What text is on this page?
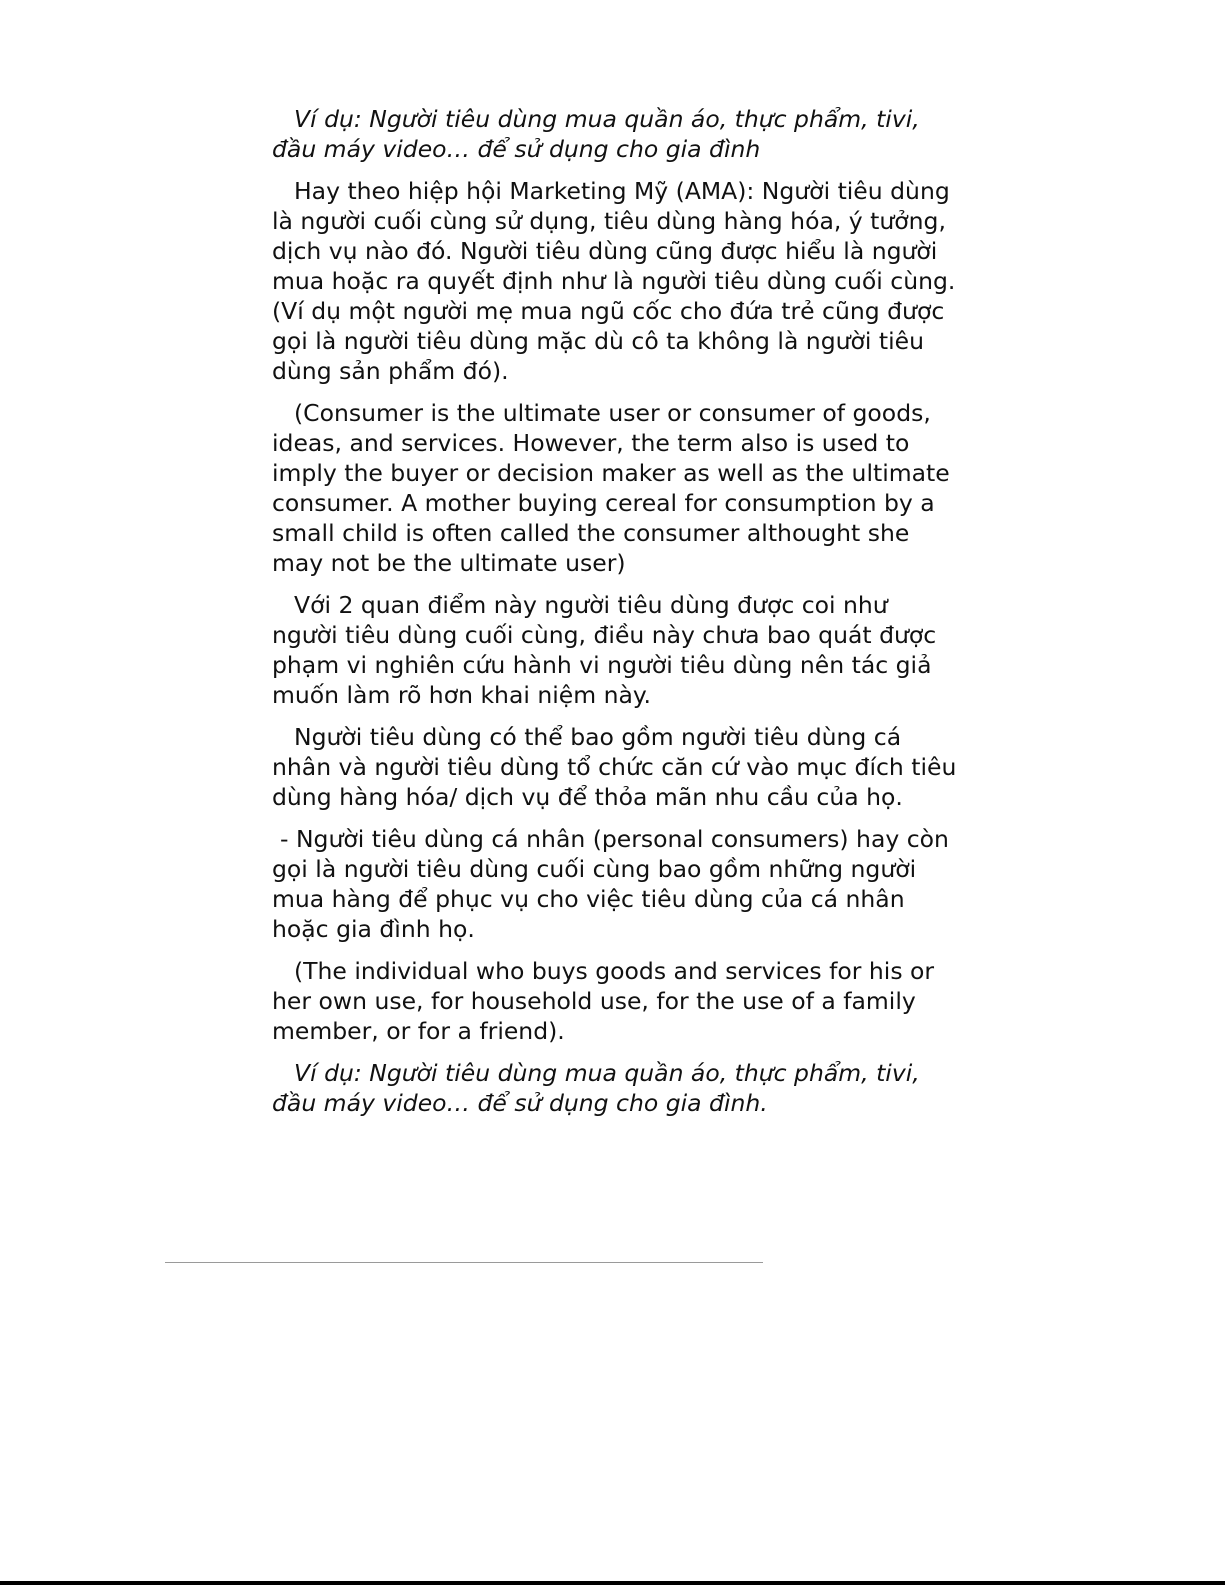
Ví dụ: Người tiêu dùng mua quần áo, thực phẩm, tivi, đầu máy video… để sử dụng cho gia đình

Hay theo hiệp hội Marketing Mỹ (AMA): Người tiêu dùng là người cuối cùng sử dụng, tiêu dùng hàng hóa, ý tưởng, dịch vụ nào đó. Người tiêu dùng cũng được hiểu là người mua hoặc ra quyết định như là người tiêu dùng cuối cùng. (Ví dụ một người mẹ mua ngũ cốc cho đứa trẻ cũng được gọi là người tiêu dùng mặc dù cô ta không là người tiêu dùng sản phẩm đó).

(Consumer is the ultimate user or consumer of goods, ideas, and services. However, the term also is used to imply the buyer or decision maker as well as the ultimate consumer. A mother buying cereal for consumption by a small child is often called the consumer althought she may not be the ultimate user)

Với 2 quan điểm này người tiêu dùng được coi như người tiêu dùng cuối cùng, điều này chưa bao quát được phạm vi nghiên cứu hành vi người tiêu dùng nên tác giả muốn làm rõ hơn khai niệm này.

Người tiêu dùng có thể bao gồm người tiêu dùng cá nhân và người tiêu dùng tổ chức căn cứ vào mục đích tiêu dùng hàng hóa/ dịch vụ để thỏa mãn nhu cầu của họ.

- Người tiêu dùng cá nhân (personal consumers) hay còn gọi là người tiêu dùng cuối cùng bao gồm những người mua hàng để phục vụ cho việc tiêu dùng của cá nhân hoặc gia đình họ.

(The individual who buys goods and services for his or her own use, for household use, for the use of a family member, or for a friend).

Ví dụ: Người tiêu dùng mua quần áo, thực phẩm, tivi, đầu máy video… để sử dụng cho gia đình.
